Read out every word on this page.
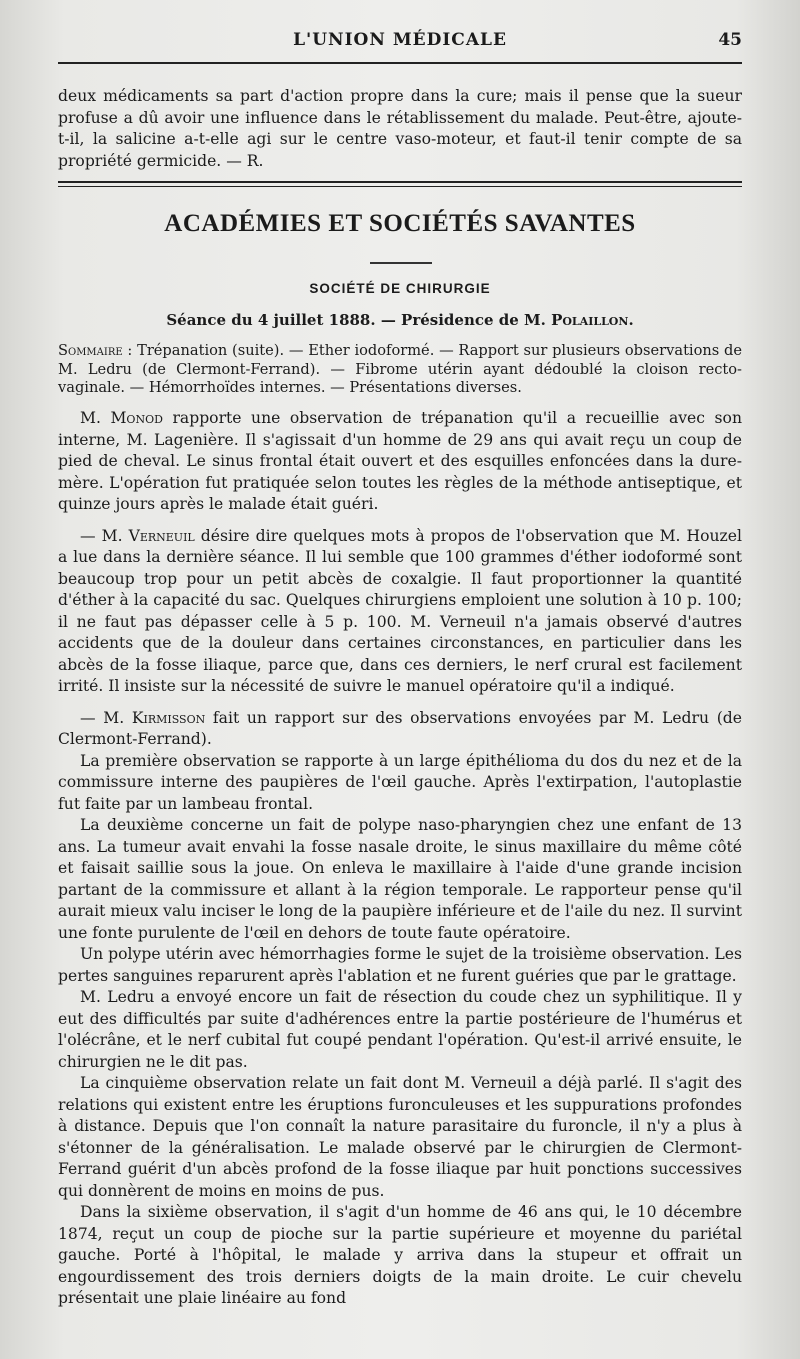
L'UNION MÉDICALE	45

deux médicaments sa part d'action propre dans la cure; mais il pense que la sueur profuse a dû avoir une influence dans le rétablissement du malade. Peut-être, ajoute-t-il, la salicine a-t-elle agi sur le centre vaso-moteur, et faut-il tenir compte de sa propriété germicide. — R.

ACADÉMIES ET SOCIÉTÉS SAVANTES
SOCIÉTÉ DE CHIRURGIE
Séance du 4 juillet 1888. — Présidence de M. Polaillon.

Sommaire : Trépanation (suite). — Ether iodoformé. — Rapport sur plusieurs observations de M. Ledru (de Clermont-Ferrand). — Fibrome utérin ayant dédoublé la cloison recto-vaginale. — Hémorrhoïdes internes. — Présentations diverses.

M. Monod rapporte une observation de trépanation qu'il a recueillie avec son interne, M. Lagenière. Il s'agissait d'un homme de 29 ans qui avait reçu un coup de pied de cheval. Le sinus frontal était ouvert et des esquilles enfoncées dans la dure-mère. L'opération fut pratiquée selon toutes les règles de la méthode antiseptique, et quinze jours après le malade était guéri.

— M. Verneuil désire dire quelques mots à propos de l'observation que M. Houzel a lue dans la dernière séance. Il lui semble que 100 grammes d'éther iodoformé sont beaucoup trop pour un petit abcès de coxalgie. Il faut proportionner la quantité d'éther à la capacité du sac. Quelques chirurgiens emploient une solution à 10 p. 100; il ne faut pas dépasser celle à 5 p. 100. M. Verneuil n'a jamais observé d'autres accidents que de la douleur dans certaines circonstances, en particulier dans les abcès de la fosse iliaque, parce que, dans ces derniers, le nerf crural est facilement irrité. Il insiste sur la nécessité de suivre le manuel opératoire qu'il a indiqué.

— M. Kirmisson fait un rapport sur des observations envoyées par M. Ledru (de Clermont-Ferrand).

La première observation se rapporte à un large épithélioma du dos du nez et de la commissure interne des paupières de l'œil gauche. Après l'extirpation, l'autoplastie fut faite par un lambeau frontal.

La deuxième concerne un fait de polype naso-pharyngien chez une enfant de 13 ans. La tumeur avait envahi la fosse nasale droite, le sinus maxillaire du même côté et faisait saillie sous la joue. On enleva le maxillaire à l'aide d'une grande incision partant de la commissure et allant à la région temporale. Le rapporteur pense qu'il aurait mieux valu inciser le long de la paupière inférieure et de l'aile du nez. Il survint une fonte purulente de l'œil en dehors de toute faute opératoire.

Un polype utérin avec hémorrhagies forme le sujet de la troisième observation. Les pertes sanguines reparurent après l'ablation et ne furent guéries que par le grattage.

M. Ledru a envoyé encore un fait de résection du coude chez un syphilitique. Il y eut des difficultés par suite d'adhérences entre la partie postérieure de l'humérus et l'olécrâne, et le nerf cubital fut coupé pendant l'opération. Qu'est-il arrivé ensuite, le chirurgien ne le dit pas.

La cinquième observation relate un fait dont M. Verneuil a déjà parlé. Il s'agit des relations qui existent entre les éruptions furonculeuses et les suppurations profondes à distance. Depuis que l'on connaît la nature parasitaire du furoncle, il n'y a plus à s'étonner de la généralisation. Le malade observé par le chirurgien de Clermont-Ferrand guérit d'un abcès profond de la fosse iliaque par huit ponctions successives qui donnèrent de moins en moins de pus.

Dans la sixième observation, il s'agit d'un homme de 46 ans qui, le 10 décembre 1874, reçut un coup de pioche sur la partie supérieure et moyenne du pariétal gauche. Porté à l'hôpital, le malade y arriva dans la stupeur et offrait un engourdissement des trois derniers doigts de la main droite. Le cuir chevelu présentait une plaie linéaire au fond
